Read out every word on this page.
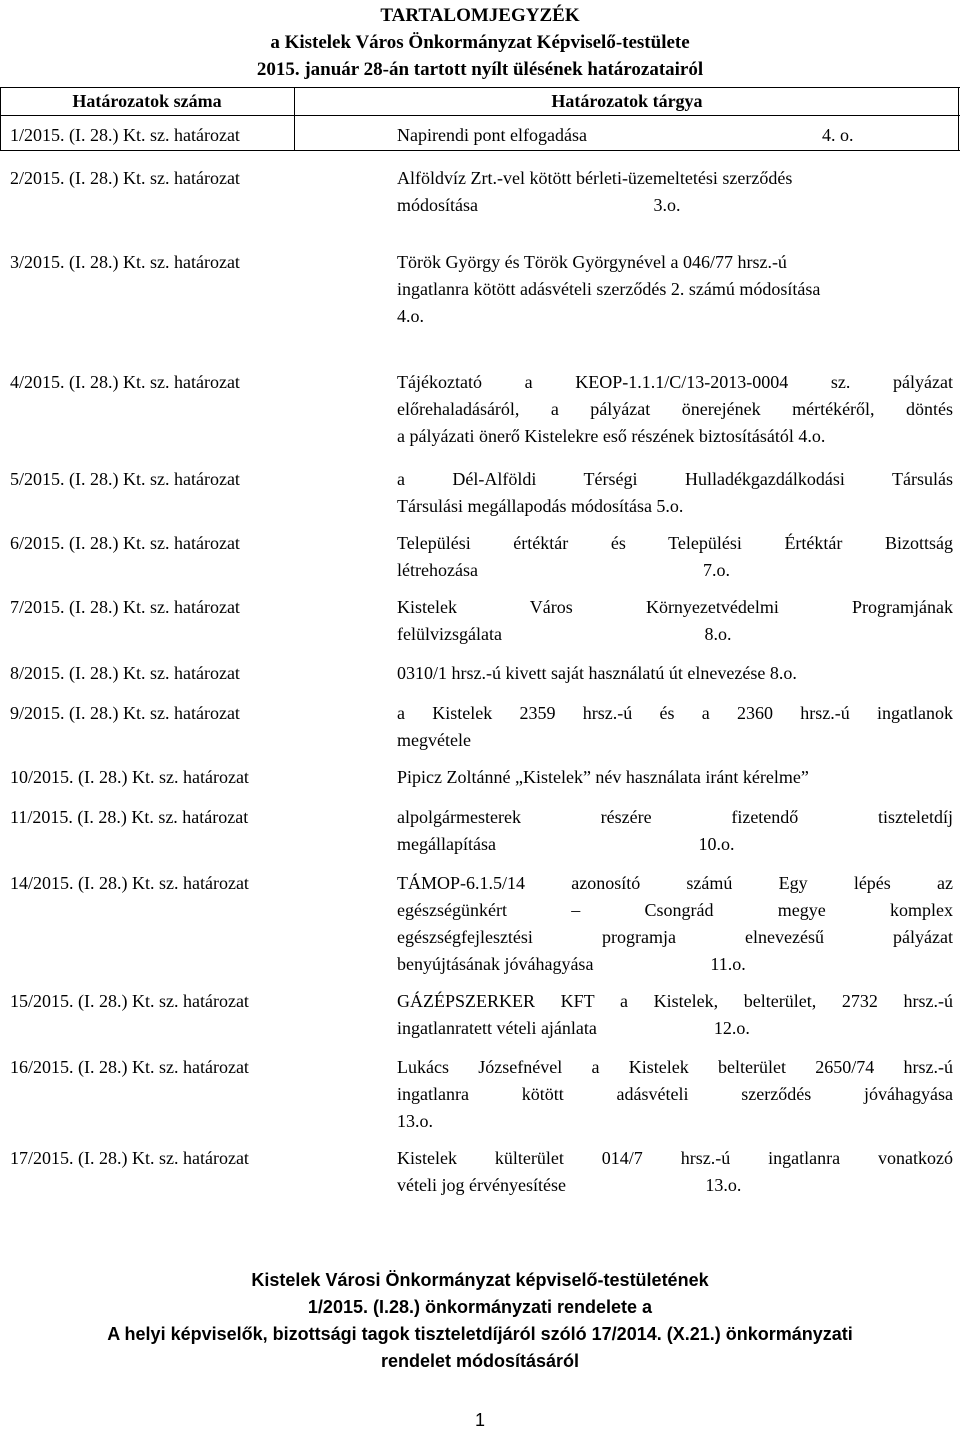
TARTALOMJEGYZÉK
a Kistelek Város Önkormányzat Képviselő-testülete
2015. január 28-án tartott nyílt ülésének határozatairól
Határozatok száma	Határozatok tárgya
1/2015. (I. 28.) Kt. sz. határozat	Napirendi pont elfogadása	4. o.
2/2015. (I. 28.) Kt. sz. határozat	Alföldvíz Zrt.-vel kötött bérleti-üzemeltetési szerződés
módosítása                                       3.o.
3/2015. (I. 28.) Kt. sz. határozat	Török György és Török Györgynével a 046/77 hrsz.-ú
ingatlanra kötött adásvételi szerződés 2. számú módosítása
4.o.
4/2015. (I. 28.) Kt. sz. határozat	Tájékoztató a KEOP-1.1.1/C/13-2013-0004 sz. pályázat
előrehaladásáról, a pályázat önerejének mértékéről, döntés
a pályázati önerő Kistelekre eső részének biztosításától 4.o.
5/2015. (I. 28.) Kt. sz. határozat	a Dél-Alföldi Térségi Hulladékgazdálkodási Társulás
Társulási megállapodás módosítása 5.o.
6/2015. (I. 28.) Kt. sz. határozat	Települési értéktár és Települési Értéktár Bizottság
létrehozása                                                  7.o.
7/2015. (I. 28.) Kt. sz. határozat	Kistelek Város Környezetvédelmi Programjának
felülvizsgálata                                             8.o.
8/2015. (I. 28.) Kt. sz. határozat	0310/1 hrsz.-ú kivett saját használatú út elnevezése 8.o.
9/2015. (I. 28.) Kt. sz. határozat	a Kistelek 2359 hrsz.-ú és a 2360 hrsz.-ú ingatlanok
megvétele
10/2015. (I. 28.) Kt. sz. határozat	Pipicz Zoltánné „Kistelek” név használata iránt kérelme”
11/2015. (I. 28.) Kt. sz. határozat	alpolgármesterek részére fizetendő tiszteletdíj
megállapítása                                             10.o.
14/2015. (I. 28.) Kt. sz. határozat	TÁMOP-6.1.5/14 azonosító számú Egy lépés az
egészségünkért – Csongrád megye komplex
egészségfejlesztési programja elnevezésű pályázat
benyújtásának jóváhagyása                          11.o.
15/2015. (I. 28.) Kt. sz. határozat	GÁZÉPSZERKER KFT a Kistelek, belterület, 2732 hrsz.-ú
ingatlanratett vételi ajánlata                          12.o.
16/2015. (I. 28.) Kt. sz. határozat	Lukács Józsefnével a Kistelek belterület 2650/74 hrsz.-ú
ingatlanra kötött adásvételi szerződés jóváhagyása
13.o.
17/2015. (I. 28.) Kt. sz. határozat	Kistelek külterület 014/7 hrsz.-ú ingatlanra vonatkozó
vételi jog érvényesítése                               13.o.
Kistelek Városi Önkormányzat képviselő-testületének
1/2015. (I.28.) önkormányzati rendelete a
A helyi képviselők, bizottsági tagok tiszteletdíjáról szóló 17/2014. (X.21.) önkormányzati
rendelet módosításáról
1
